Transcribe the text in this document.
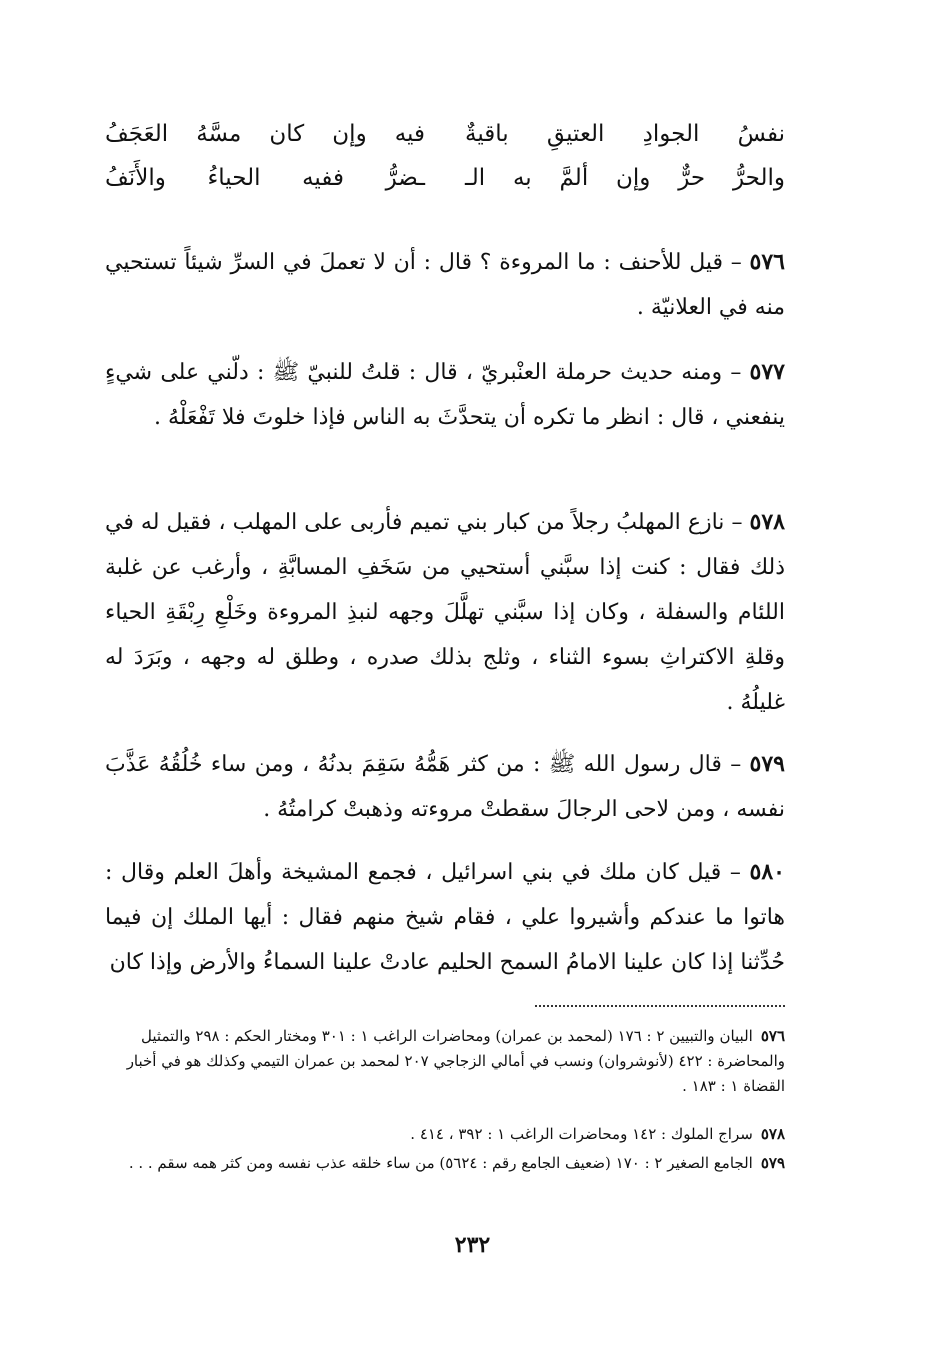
نفسُ الجوادِ العتيقِ باقيةٌ
فيه وإن كان مسَّهُ العَجَفُ
والحرُّ حرٌّ وإن ألمَّ به الـ
ـضرُّ ففيه الحياءُ والأَنَفُ
٥٧٦ – قيل للأحنف : ما المروءة ؟ قال : أن لا تعملَ في السرِّ شيئاً تستحيي منه في العلانيّة .
٥٧٧ – ومنه حديث حرملة العنْبريّ ، قال : قلتُ للنبيّ ﷺ : دلّني على شيءٍ ينفعني ، قال : انظر ما تكره أن يتحدَّثَ به الناس فإذا خلوتَ فلا تَفْعَلْهُ .
٥٧٨ – نازع المهلبُ رجلاً من كبار بني تميم فأربى على المهلب ، فقيل له في ذلك فقال : كنت إذا سبَّني أستحيي من سَخَفِ المسابَّةِ ، وأرغب عن غلبة اللئام والسفلة ، وكان إذا سبَّني تهلَّلَ وجهه لنبذِ المروءة وخَلْعِ رِبْقَةِ الحياء وقلةِ الاكتراثِ بسوء الثناء ، وثلج بذلك صدره ، وطلق له وجهه ، وبَرَدَ له غليلُهُ .
٥٧٩ – قال رسول الله ﷺ : من كثر هَمُّهُ سَقِمَ بدنُهُ ، ومن ساء خُلُقُهُ عَذَّبَ نفسه ، ومن لاحى الرجالَ سقطتْ مروءته وذهبتْ كرامتُهُ .
٥٨٠ – قيل كان ملك في بني اسرائيل ، فجمع المشيخة وأهلَ العلم وقال : هاتوا ما عندكم وأشيروا علي ، فقام شيخ منهم فقال : أيها الملك إن فيما حُدِّثنا إذا كان علينا الامامُ السمح الحليم عادتْ علينا السماءُ والأرض وإذا كان
٥٧٦البيان والتبيين ٢ : ١٧٦ (لمحمد بن عمران) ومحاضرات الراغب ١ : ٣٠١ ومختار الحكم : ٢٩٨ والتمثيل والمحاضرة : ٤٢٢ (لأنوشروان) ونسب في أمالي الزجاجي ٢٠٧ لمحمد بن عمران التيمي وكذلك هو في أخبار القضاة ١ : ١٨٣ .
٥٧٨سراج الملوك : ١٤٢ ومحاضرات الراغب ١ : ٣٩٢ ، ٤١٤ .
٥٧٩الجامع الصغير ٢ : ١٧٠ (ضعيف الجامع رقم : ٥٦٢٤) من ساء خلقه عذب نفسه ومن كثر همه سقم . . .
٢٣٢
